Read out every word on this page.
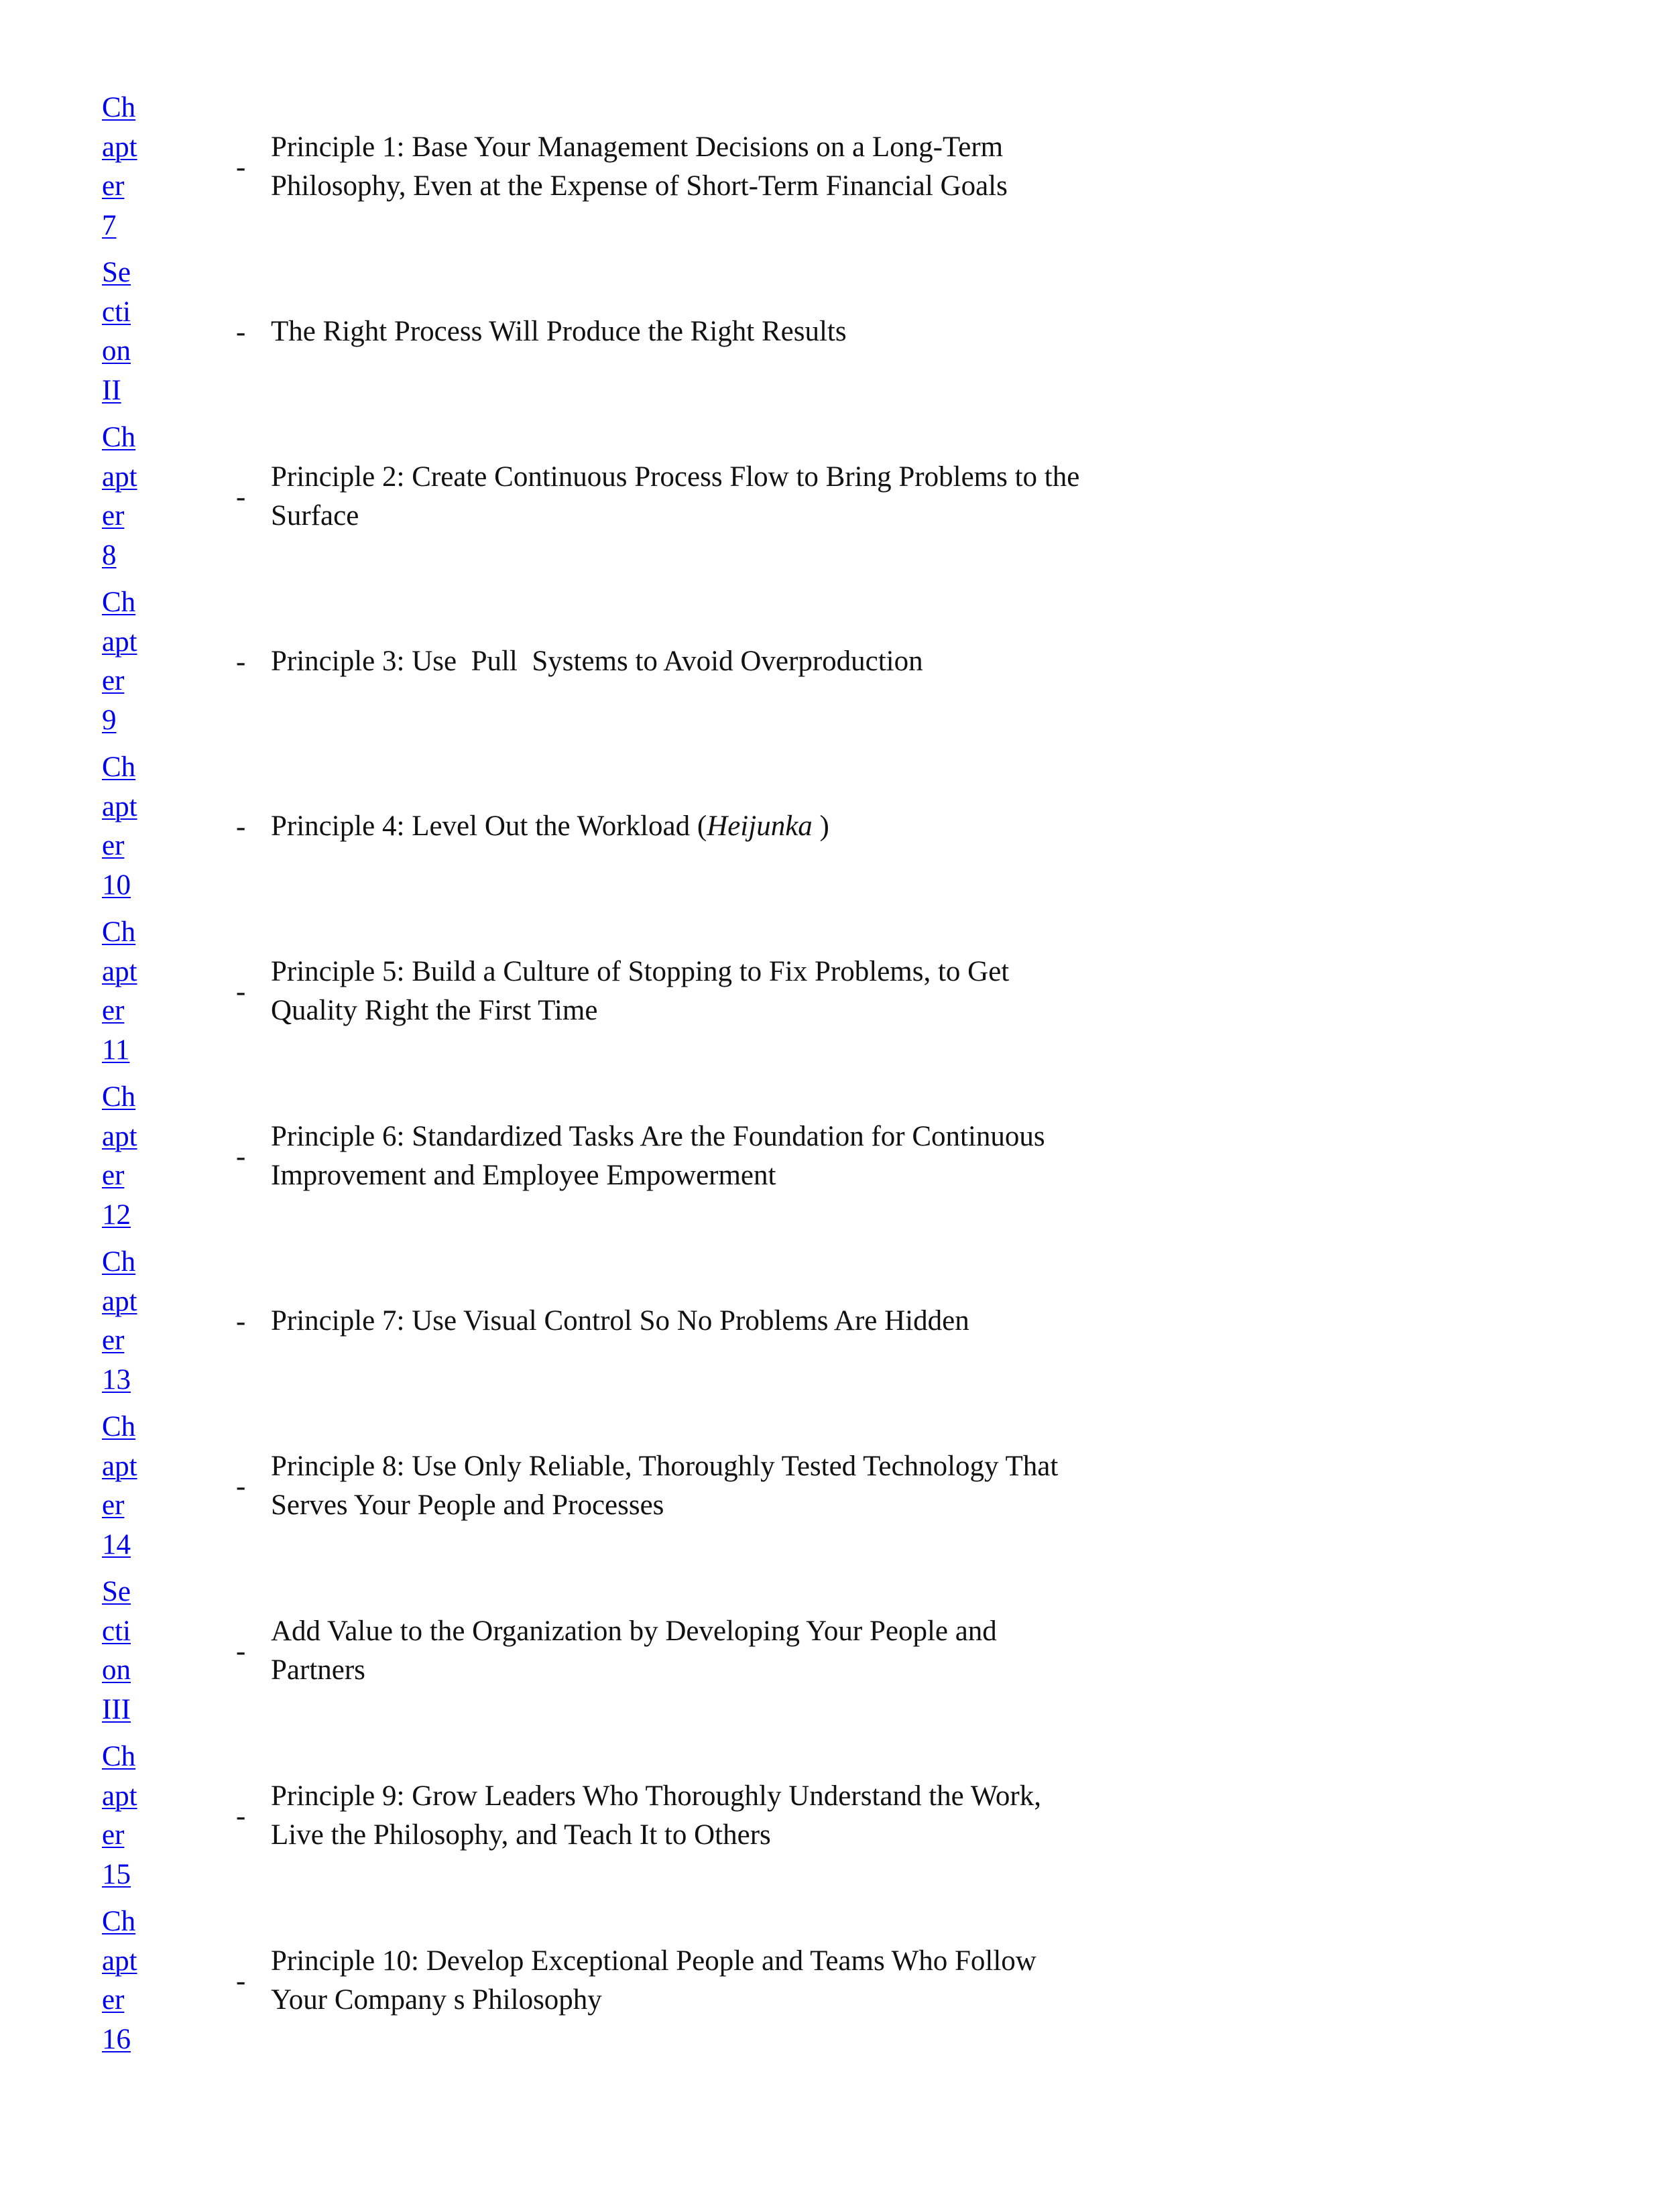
Ch
apt
er
7
-
Principle 1: Base Your Management Decisions on a Long-Term Philosophy, Even at the Expense of Short-Term Financial Goals
Se
cti
on
II
- The Right Process Will Produce the Right Results
Ch
apt
er
8
-
Principle 2: Create Continuous Process Flow to Bring Problems to the Surface
Ch
apt
er
9
- Principle 3: Use  Pull  Systems to Avoid Overproduction
Ch
apt
er
10
- Principle 4: Level Out the Workload (Heijunka )
Ch
apt
er
11
-
Principle 5: Build a Culture of Stopping to Fix Problems, to Get Quality Right the First Time
Ch
apt
er
12
-
Principle 6: Standardized Tasks Are the Foundation for Continuous Improvement and Employee Empowerment
Ch
apt
er
13
- Principle 7: Use Visual Control So No Problems Are Hidden
Ch
apt
er
14
-
Principle 8: Use Only Reliable, Thoroughly Tested Technology That Serves Your People and Processes
Se
cti
on
III
-
Add Value to the Organization by Developing Your People and Partners
Ch
apt
er
15
-
Principle 9: Grow Leaders Who Thoroughly Understand the Work, Live the Philosophy, and Teach It to Others
Ch
apt
er
16
-
Principle 10: Develop Exceptional People and Teams Who Follow Your Company s Philosophy
